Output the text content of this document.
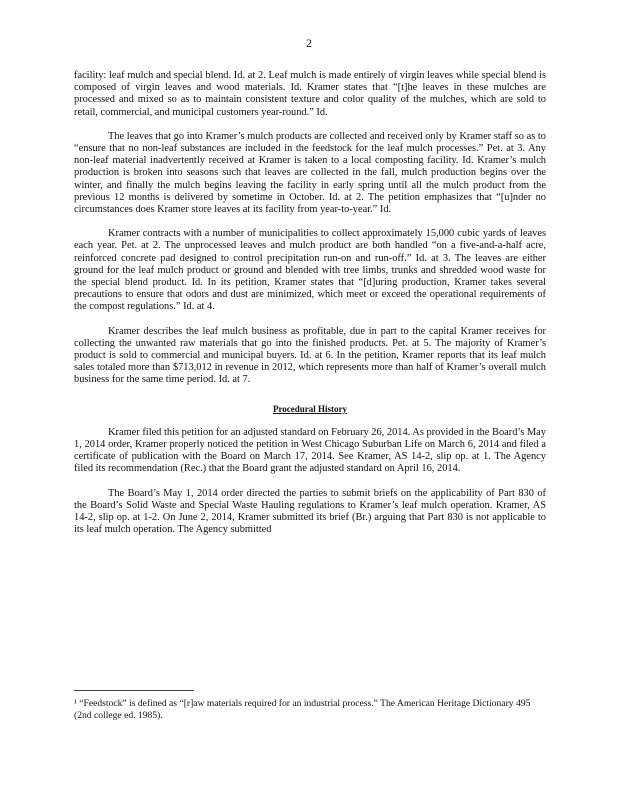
2

facility: leaf mulch and special blend. Id. at 2. Leaf mulch is made entirely of virgin leaves while special blend is composed of virgin leaves and wood materials. Id. Kramer states that “[t]he leaves in these mulches are processed and mixed so as to maintain consistent texture and color quality of the mulches, which are sold to retail, commercial, and municipal customers year-round.” Id.

The leaves that go into Kramer’s mulch products are collected and received only by Kramer staff so as to “ensure that no non-leaf substances are included in the feedstock for the leaf mulch processes.” Pet. at 3. Any non-leaf material inadvertently received at Kramer is taken to a local composting facility. Id. Kramer’s mulch production is broken into seasons such that leaves are collected in the fall, mulch production begins over the winter, and finally the mulch begins leaving the facility in early spring until all the mulch product from the previous 12 months is delivered by sometime in October. Id. at 2. The petition emphasizes that “[u]nder no circumstances does Kramer store leaves at its facility from year-to-year.” Id.

Kramer contracts with a number of municipalities to collect approximately 15,000 cubic yards of leaves each year. Pet. at 2. The unprocessed leaves and mulch product are both handled “on a five-and-a-half acre, reinforced concrete pad designed to control precipitation run-on and run-off.” Id. at 3. The leaves are either ground for the leaf mulch product or ground and blended with tree limbs, trunks and shredded wood waste for the special blend product. Id. In its petition, Kramer states that “[d]uring production, Kramer takes several precautions to ensure that odors and dust are minimized, which meet or exceed the operational requirements of the compost regulations.” Id. at 4.

Kramer describes the leaf mulch business as profitable, due in part to the capital Kramer receives for collecting the unwanted raw materials that go into the finished products. Pet. at 5. The majority of Kramer’s product is sold to commercial and municipal buyers. Id. at 6. In the petition, Kramer reports that its leaf mulch sales totaled more than $713,012 in revenue in 2012, which represents more than half of Kramer’s overall mulch business for the same time period. Id. at 7.

Procedural History

Kramer filed this petition for an adjusted standard on February 26, 2014. As provided in the Board’s May 1, 2014 order, Kramer properly noticed the petition in West Chicago Suburban Life on March 6, 2014 and filed a certificate of publication with the Board on March 17, 2014. See Kramer, AS 14-2, slip op. at 1. The Agency filed its recommendation (Rec.) that the Board grant the adjusted standard on April 16, 2014.

The Board’s May 1, 2014 order directed the parties to submit briefs on the applicability of Part 830 of the Board’s Solid Waste and Special Waste Hauling regulations to Kramer’s leaf mulch operation. Kramer, AS 14-2, slip op. at 1-2. On June 2, 2014, Kramer submitted its brief (Br.) arguing that Part 830 is not applicable to its leaf mulch operation. The Agency submitted

¹ “Feedstock” is defined as “[r]aw materials required for an industrial process.” The American Heritage Dictionary 495 (2nd college ed. 1985).
